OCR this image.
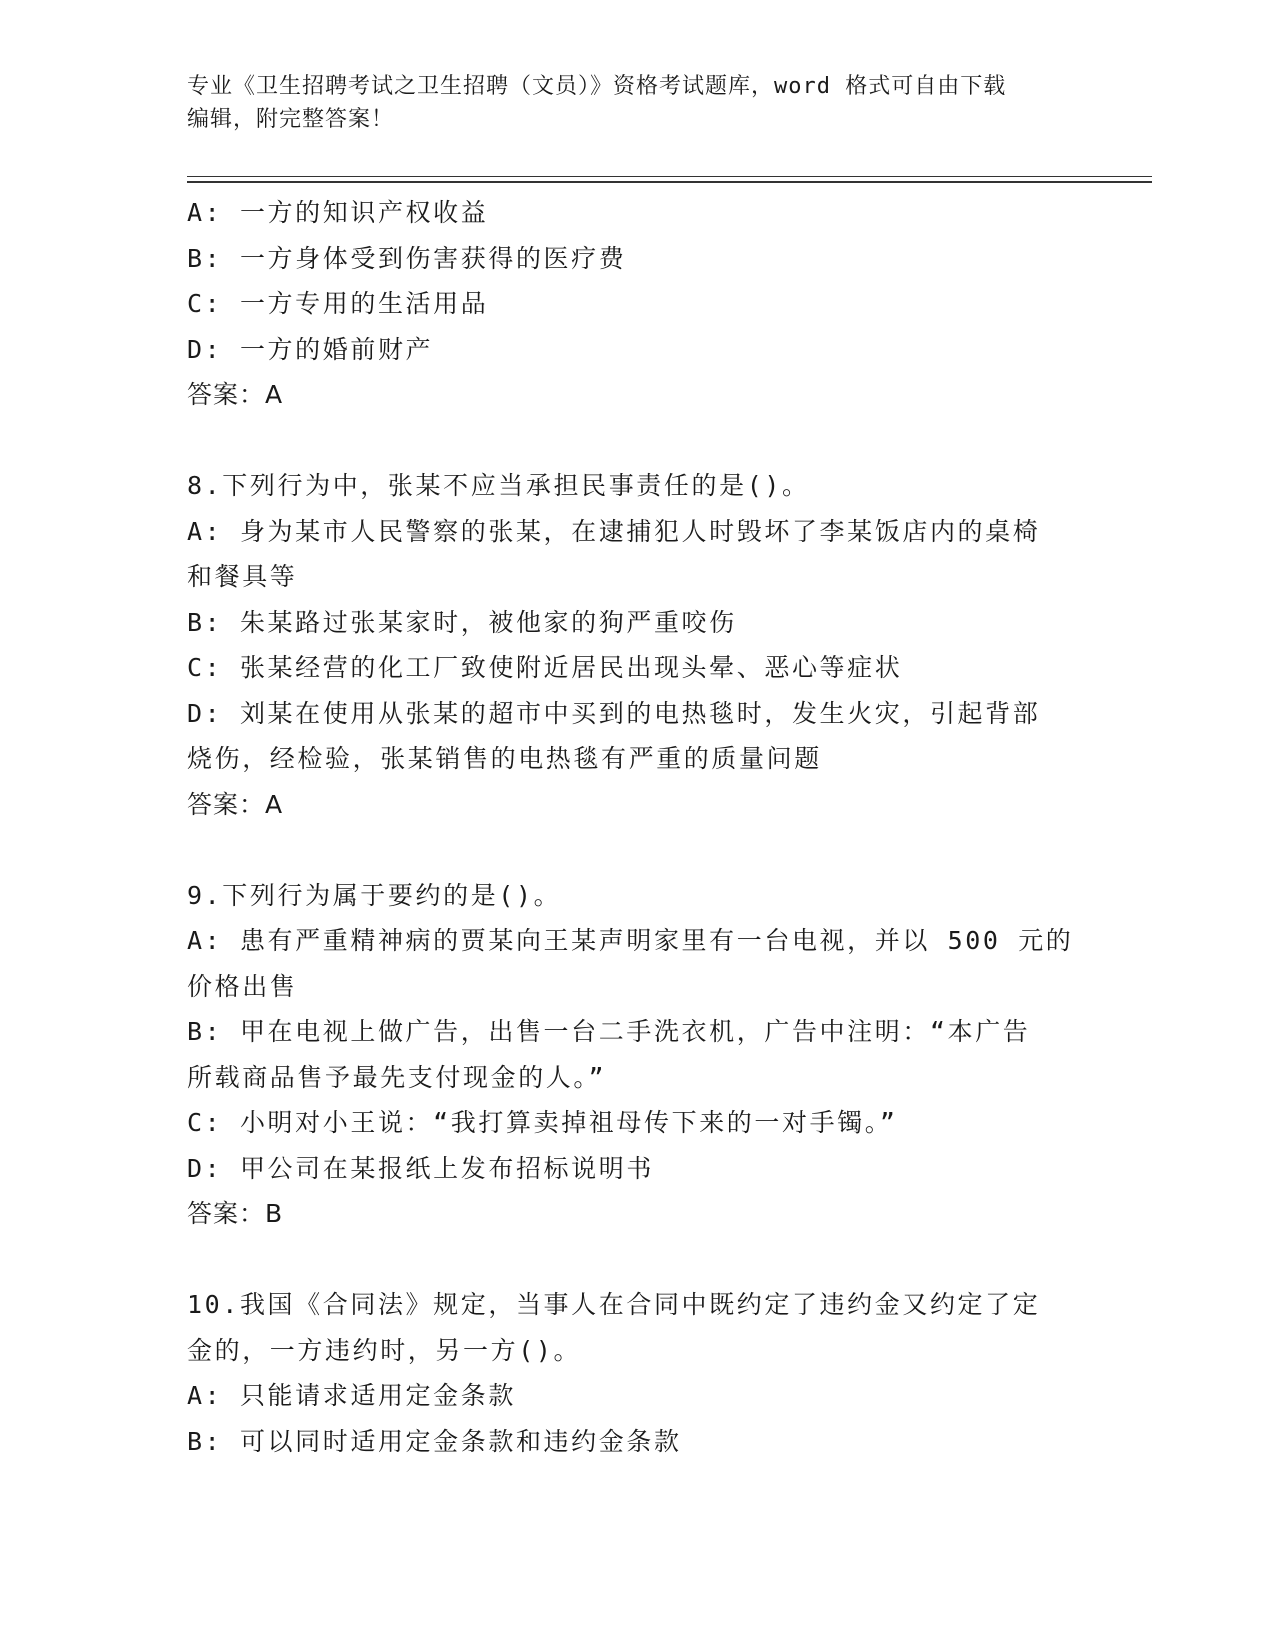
专业《卫生招聘考试之卫生招聘（文员）》资格考试题库，word 格式可自由下载
编辑，附完整答案！
A: 一方的知识产权收益
B: 一方身体受到伤害获得的医疗费
C: 一方专用的生活用品
D: 一方的婚前财产
答案：A
8.下列行为中，张某不应当承担民事责任的是()。
A: 身为某市人民警察的张某，在逮捕犯人时毁坏了李某饭店内的桌椅
和餐具等
B: 朱某路过张某家时，被他家的狗严重咬伤
C: 张某经营的化工厂致使附近居民出现头晕、恶心等症状
D: 刘某在使用从张某的超市中买到的电热毯时，发生火灾，引起背部
烧伤，经检验，张某销售的电热毯有严重的质量问题
答案：A
9.下列行为属于要约的是()。
A: 患有严重精神病的贾某向王某声明家里有一台电视，并以 500 元的
价格出售
B: 甲在电视上做广告，出售一台二手洗衣机，广告中注明：“本广告
所载商品售予最先支付现金的人。”
C: 小明对小王说：“我打算卖掉祖母传下来的一对手镯。”
D: 甲公司在某报纸上发布招标说明书
答案：B
10.我国《合同法》规定，当事人在合同中既约定了违约金又约定了定
金的，一方违约时，另一方()。
A: 只能请求适用定金条款
B: 可以同时适用定金条款和违约金条款
